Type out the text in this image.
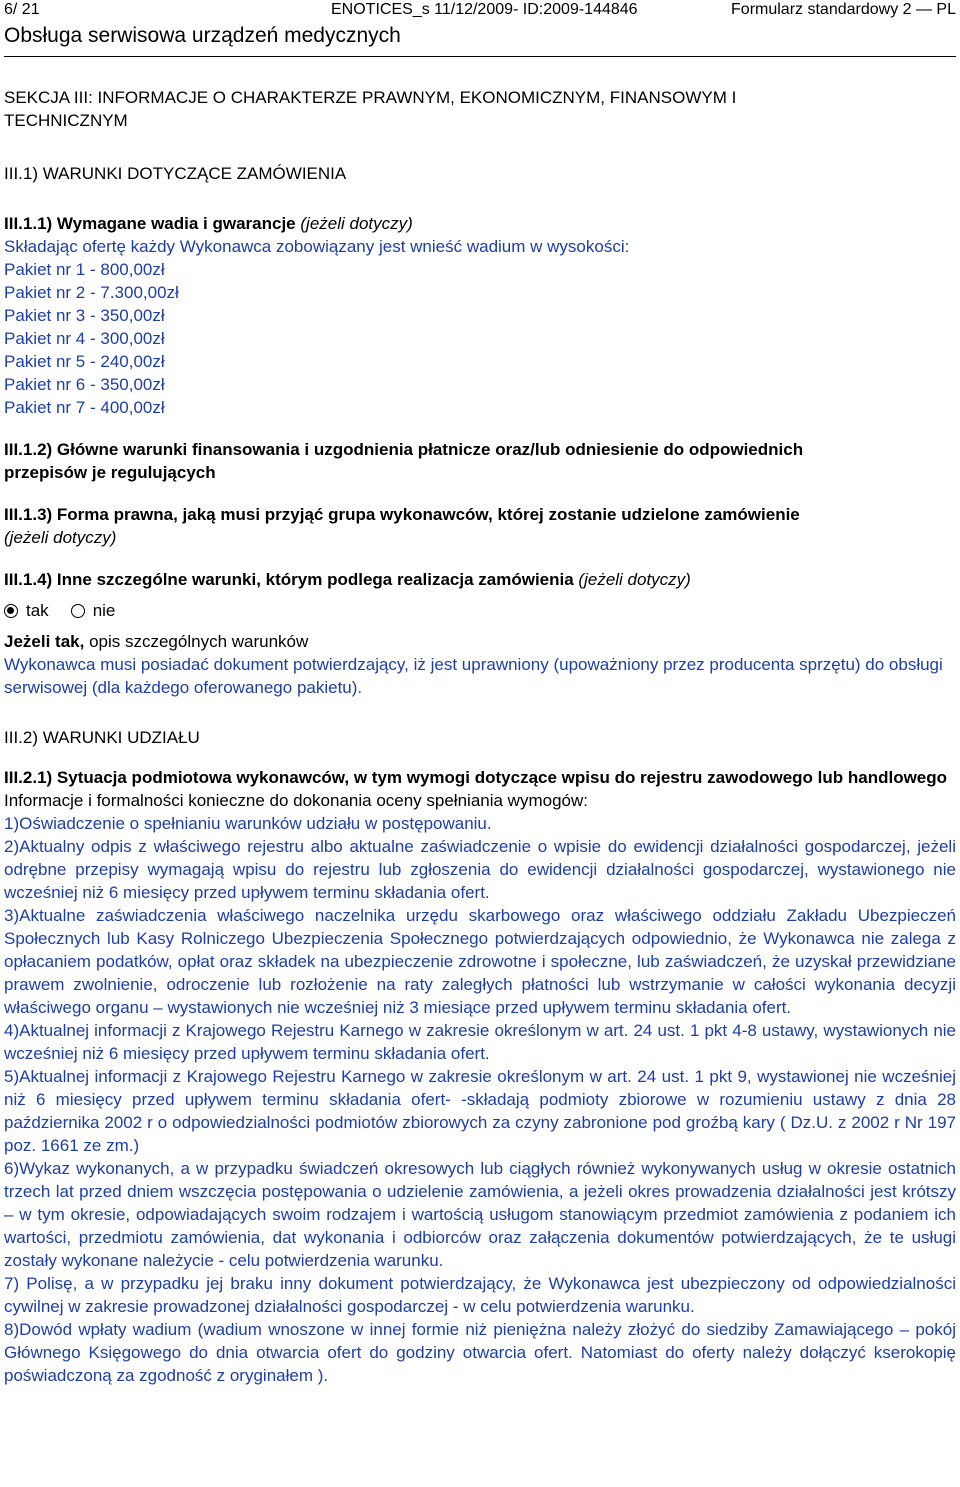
6/ 21	ENOTICES_s 11/12/2009- ID:2009-144846	Formularz standardowy 2 — PL
Obsługa serwisowa urządzeń medycznych
SEKCJA III: INFORMACJE O CHARAKTERZE PRAWNYM, EKONOMICZNYM, FINANSOWYM I
TECHNICZNYM
III.1) WARUNKI DOTYCZĄCE ZAMÓWIENIA

III.1.1) Wymagane wadia i gwarancje (jeżeli dotyczy)

Składając ofertę każdy Wykonawca zobowiązany jest wnieść wadium w wysokości:

Pakiet nr 1 - 800,00zł

Pakiet nr 2 - 7.300,00zł

Pakiet nr 3 - 350,00zł

Pakiet nr 4 - 300,00zł

Pakiet nr 5 - 240,00zł

Pakiet nr 6 - 350,00zł

Pakiet nr 7 - 400,00zł

III.1.2) Główne warunki finansowania i uzgodnienia płatnicze oraz/lub odniesienie do odpowiednich

przepisów je regulujących

III.1.3) Forma prawna, jaką musi przyjąć grupa wykonawców, której zostanie udzielone zamówienie

(jeżeli dotyczy)

III.1.4) Inne szczególne warunki, którym podlega realizacja zamówienia (jeżeli dotyczy)

tak	nie

Jeżeli tak, opis szczególnych warunków

Wykonawca musi posiadać dokument potwierdzający, iż jest uprawniony (upoważniony przez producenta sprzętu) do obsługi serwisowej (dla każdego oferowanego pakietu).

III.2) WARUNKI UDZIAŁU

III.2.1) Sytuacja podmiotowa wykonawców, w tym wymogi dotyczące wpisu do rejestru zawodowego lub handlowego

Informacje i formalności konieczne do dokonania oceny spełniania wymogów:

1)Oświadczenie o spełnianiu warunków udziału w postępowaniu.

2)Aktualny odpis z właściwego rejestru albo aktualne zaświadczenie o wpisie do ewidencji działalności gospodarczej, jeżeli odrębne przepisy wymagają wpisu do rejestru lub zgłoszenia do ewidencji działalności gospodarczej, wystawionego nie wcześniej niż 6 miesięcy przed upływem terminu składania ofert.

3)Aktualne zaświadczenia właściwego naczelnika urzędu skarbowego oraz właściwego oddziału Zakładu Ubezpieczeń Społecznych lub Kasy Rolniczego Ubezpieczenia Społecznego potwierdzających odpowiednio, że Wykonawca nie zalega z opłacaniem podatków, opłat oraz składek na ubezpieczenie zdrowotne i społeczne, lub zaświadczeń, że uzyskał przewidziane prawem zwolnienie, odroczenie lub rozłożenie na raty zaległych płatności lub wstrzymanie w całości wykonania decyzji właściwego organu – wystawionych nie wcześniej niż 3 miesiące przed upływem terminu składania ofert.

4)Aktualnej informacji z Krajowego Rejestru Karnego w zakresie określonym w art. 24 ust. 1 pkt 4-8 ustawy, wystawionych nie wcześniej niż 6 miesięcy przed upływem terminu składania ofert.

5)Aktualnej informacji z Krajowego Rejestru Karnego w zakresie określonym w art. 24 ust. 1 pkt 9, wystawionej nie wcześniej niż 6 miesięcy przed upływem terminu składania ofert- -składają podmioty zbiorowe w rozumieniu ustawy z dnia 28 października 2002 r o odpowiedzialności podmiotów zbiorowych za czyny zabronione pod groźbą kary ( Dz.U. z 2002 r Nr 197 poz. 1661 ze zm.)

6)Wykaz wykonanych, a w przypadku świadczeń okresowych lub ciągłych również wykonywanych usług w okresie ostatnich trzech lat przed dniem wszczęcia postępowania o udzielenie zamówienia, a jeżeli okres prowadzenia działalności jest krótszy – w tym okresie, odpowiadających swoim rodzajem i wartością usługom stanowiącym przedmiot zamówienia z podaniem ich wartości, przedmiotu zamówienia, dat wykonania i odbiorców oraz załączenia dokumentów potwierdzających, że te usługi zostały wykonane należycie - celu potwierdzenia warunku.

7) Polisę, a w przypadku jej braku inny dokument potwierdzający, że Wykonawca jest ubezpieczony od odpowiedzialności cywilnej w zakresie prowadzonej działalności gospodarczej - w celu potwierdzenia warunku.

8)Dowód wpłaty wadium (wadium wnoszone w innej formie niż pieniężna należy złożyć do siedziby Zamawiającego – pokój Głównego Księgowego do dnia otwarcia ofert do godziny otwarcia ofert. Natomiast do oferty należy dołączyć kserokopię poświadczoną za zgodność z oryginałem ).
